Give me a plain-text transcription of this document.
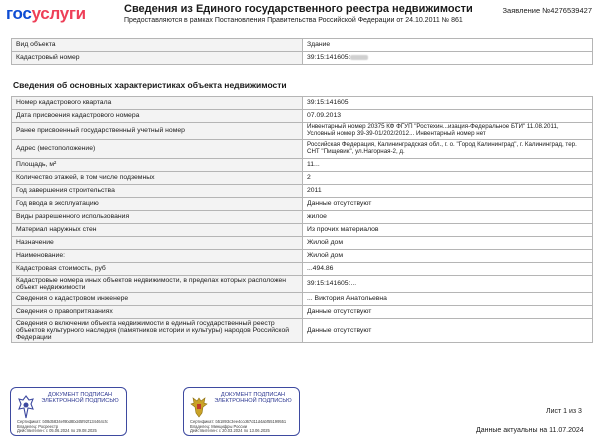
госуслуги	Сведения из Единого государственного реестра недвижимости
Предоставляются в рамках Постановления Правительства Российской Федерации от 24.10.2011 № 861
Заявление №4276539427
Вид объекта	Здание
Кадастровый номер	39:15:141605:
Сведения об основных характеристиках объекта недвижимости
Номер кадастрового квартала	39:15:141605
Дата присвоения кадастрового номера	07.09.2013
Ранее присвоенный государственный учетный номер	Инвентарный номер 20375 КФ ФГУП "Ростехин...изация-Федеральное БТИ" 11.08.2011, Условный номер 39-39-01/202/2012... Инвентарный номер нет
Адрес (местоположение)	Российская Федерация, Калининградская обл., г. о. "Город Калининград", г. Калининград, тер. СНТ "Пищевик", ул.Нагорная-2, д.
Площадь, м²	11...
Количество этажей, в том числе подземных	2
Год завершения строительства	2011
Год ввода в эксплуатацию	Данные отсутствуют
Виды разрешенного использования	жилое
Материал наружных стен	Из прочих материалов
Назначение	Жилой дом
Наименование:	Жилой дом
Кадастровая стоимость, руб	...494.86
Кадастровые номера иных объектов недвижимости, в пределах которых расположен объект недвижимости	39:15:141605:...
Сведения о кадастровом инженере	... Виктория Анатольевна
Сведения о правопритязаниях	Данные отсутствуют
Сведения о включении объекта недвижимости в единый государственный реестр объектов культурного наследия (памятников истории и культуры) народов Российской Федерации	Данные отсутствуют
ДОКУМЕНТ ПОДПИСАН ЭЛЕКТРОННОЙ ПОДПИСЬЮ
Сертификат: b08d5834ef9bd8bd45f92f134464cfc
Владелец: Росреестр
Действителен: с 05.06.2024 по 29.08.2025
ДОКУМЕНТ ПОДПИСАН ЭЛЕКТРОННОЙ ПОДПИСЬЮ
Сертификат: b51893c3ee4ccd67d11d4abf55199551
Владелец: Минцифры России
Действителен: с 20.03.2024 по 13.06.2025
Лист 1 из 3
Данные актуальны на 11.07.2024
